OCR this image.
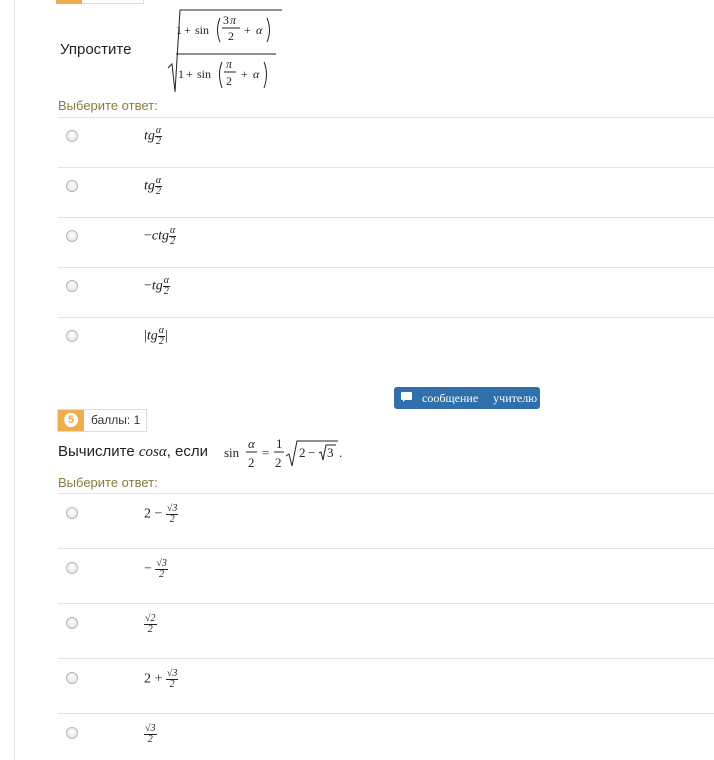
Упростите
1 + sin
3 π
2 + α
1 + sin
π
2 + α
Выберите ответ:
tg $\frac{\alpha}{2}$
tg $\frac{\alpha}{2}$
$-ctg \frac{\alpha}{2}$
$-tg \frac{\alpha}{2}$
$|tg \frac{\alpha}{2}$ |
сообщение учителю
5	баллы: 1
Вычислите cosα, если sin
α
2
=
1
2
2 − 3 .
Выберите ответ:
$2 - \frac{√3}{2}$
− $\frac{√3}{2}$
$\frac{√2}{2}$
$2 + \frac{√3}{2}$
$\frac{√3}{2}$
